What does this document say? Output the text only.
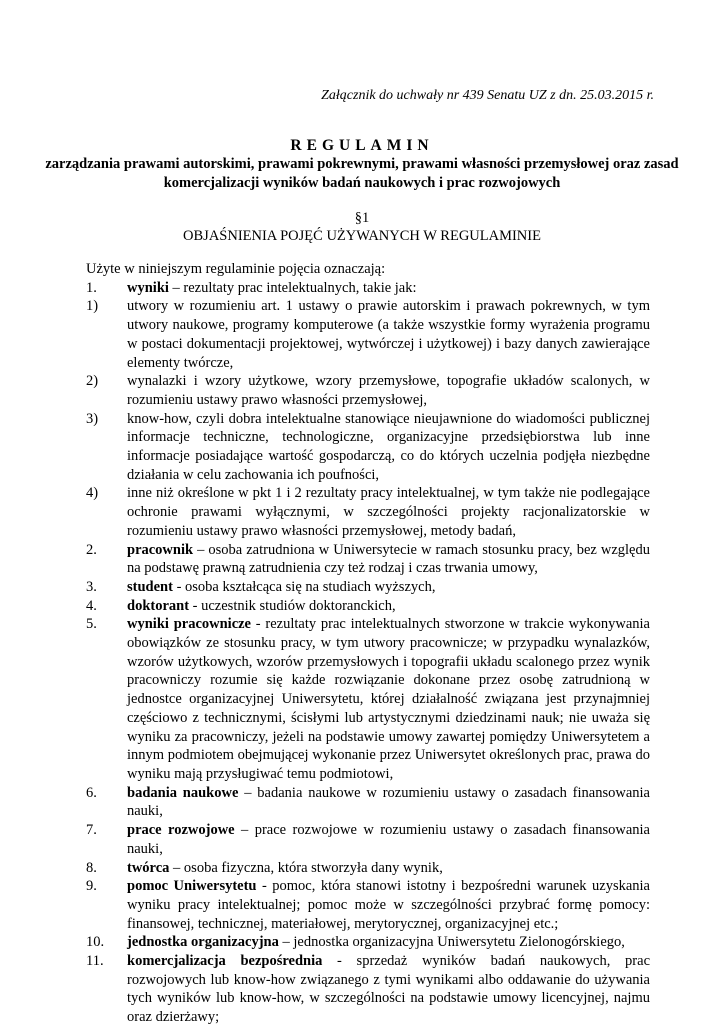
Załącznik do uchwały nr 439 Senatu UZ z dn. 25.03.2015 r.

REGULAMIN
zarządzania prawami autorskimi, prawami pokrewnymi, prawami własności przemysłowej oraz zasad komercjalizacji wyników badań naukowych i prac rozwojowych
§1
OBJAŚNIENIA POJĘĆ UŻYWANYCH W REGULAMINIE

Użyte w niniejszym regulaminie pojęcia oznaczają:

1.	wyniki – rezultaty prac intelektualnych, takie jak:
1)	utwory w rozumieniu art. 1 ustawy o prawie autorskim i prawach pokrewnych, w tym utwory naukowe, programy komputerowe (a także wszystkie formy wyrażenia programu w postaci dokumentacji projektowej, wytwórczej i użytkowej) i bazy danych zawierające elementy twórcze,
2)	wynalazki i wzory użytkowe, wzory przemysłowe, topografie układów scalonych, w rozumieniu ustawy prawo własności przemysłowej,
3)	know-how, czyli dobra intelektualne stanowiące nieujawnione do wiadomości publicznej informacje techniczne, technologiczne, organizacyjne przedsiębiorstwa lub inne informacje posiadające wartość gospodarczą, co do których uczelnia podjęła niezbędne działania w celu zachowania ich poufności,
4)	inne niż określone w pkt 1 i 2 rezultaty pracy intelektualnej, w tym także nie podlegające ochronie prawami wyłącznymi, w szczególności projekty racjonalizatorskie w rozumieniu ustawy prawo własności przemysłowej, metody badań,
2.	pracownik – osoba zatrudniona w Uniwersytecie w ramach stosunku pracy, bez względu na podstawę prawną zatrudnienia czy też rodzaj i czas trwania umowy,
3.	student - osoba kształcąca się na studiach wyższych,
4.	doktorant - uczestnik studiów doktoranckich,
5.	wyniki pracownicze - rezultaty prac intelektualnych stworzone w trakcie wykonywania obowiązków ze stosunku pracy, w tym utwory pracownicze; w przypadku wynalazków, wzorów użytkowych, wzorów przemysłowych i topografii układu scalonego przez wynik pracowniczy rozumie się każde rozwiązanie dokonane przez osobę zatrudnioną w jednostce organizacyjnej Uniwersytetu, której działalność związana jest przynajmniej częściowo z technicznymi, ścisłymi lub artystycznymi dziedzinami nauk; nie uważa się wyniku za pracowniczy, jeżeli na podstawie umowy zawartej pomiędzy Uniwersytetem a innym podmiotem obejmującej wykonanie przez Uniwersytet określonych prac, prawa do wyniku mają przysługiwać temu podmiotowi,
6.	badania naukowe – badania naukowe w rozumieniu ustawy o zasadach finansowania nauki,
7.	prace rozwojowe – prace rozwojowe w rozumieniu ustawy o zasadach finansowania nauki,
8.	twórca – osoba fizyczna, która stworzyła dany wynik,
9.	pomoc Uniwersytetu - pomoc, która stanowi istotny i bezpośredni warunek uzyskania wyniku pracy intelektualnej; pomoc może w szczególności przybrać formę pomocy: finansowej, technicznej, materiałowej, merytorycznej, organizacyjnej etc.;
10.	jednostka organizacyjna – jednostka organizacyjna Uniwersytetu Zielonogórskiego,
11.	komercjalizacja bezpośrednia - sprzedaż wyników badań naukowych, prac rozwojowych lub know-how związanego z tymi wynikami albo oddawanie do używania tych wyników lub know-how, w szczególności na podstawie umowy licencyjnej, najmu oraz dzierżawy;
